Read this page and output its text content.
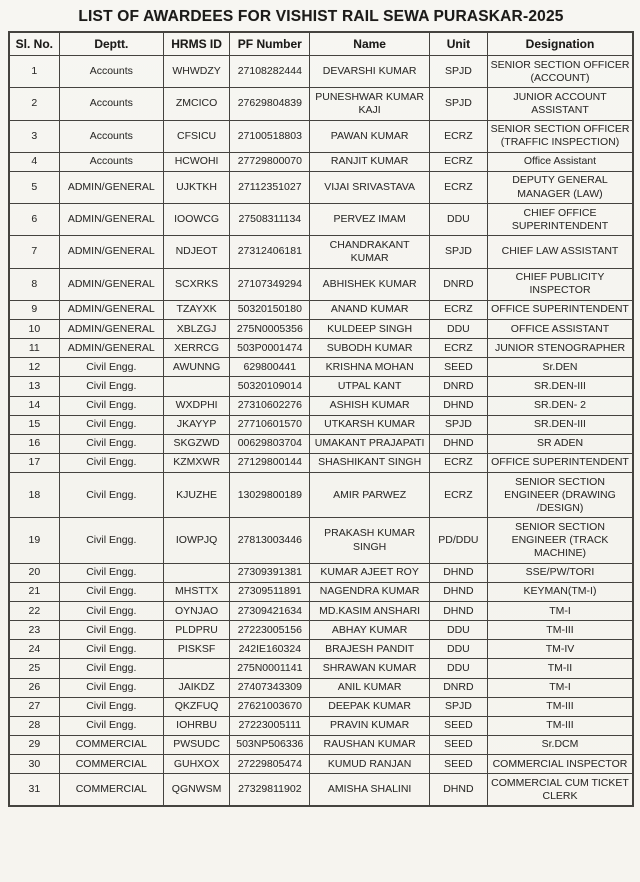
LIST OF AWARDEES FOR VISHIST RAIL SEWA PURASKAR-2025
Sl. No.	Deptt.	HRMS ID	PF Number	Name	Unit	Designation
1	Accounts	WHWDZY	27108282444	DEVARSHI KUMAR	SPJD	SENIOR SECTION OFFICER (ACCOUNT)
2	Accounts	ZMCICO	27629804839	PUNESHWAR KUMAR KAJI	SPJD	JUNIOR ACCOUNT ASSISTANT
3	Accounts	CFSICU	27100518803	PAWAN KUMAR	ECRZ	SENIOR SECTION OFFICER (TRAFFIC INSPECTION)
4	Accounts	HCWOHI	27729800070	RANJIT KUMAR	ECRZ	Office Assistant
5	ADMIN/GENERAL	UJKTKH	27112351027	VIJAI SRIVASTAVA	ECRZ	DEPUTY GENERAL MANAGER (LAW)
6	ADMIN/GENERAL	IOOWCG	27508311134	PERVEZ IMAM	DDU	CHIEF OFFICE SUPERINTENDENT
7	ADMIN/GENERAL	NDJEOT	27312406181	CHANDRAKANT KUMAR	SPJD	CHIEF LAW ASSISTANT
8	ADMIN/GENERAL	SCXRKS	27107349294	ABHISHEK KUMAR	DNRD	CHIEF PUBLICITY INSPECTOR
9	ADMIN/GENERAL	TZAYXK	50320150180	ANAND KUMAR	ECRZ	OFFICE SUPERINTENDENT
10	ADMIN/GENERAL	XBLZGJ	275N0005356	KULDEEP SINGH	DDU	OFFICE ASSISTANT
11	ADMIN/GENERAL	XERRCG	503P0001474	SUBODH KUMAR	ECRZ	JUNIOR STENOGRAPHER
12	Civil Engg.	AWUNNG	629800441	KRISHNA MOHAN	SEED	Sr.DEN
13	Civil Engg.		50320109014	UTPAL KANT	DNRD	SR.DEN-III
14	Civil Engg.	WXDPHI	27310602276	ASHISH KUMAR	DHND	SR.DEN- 2
15	Civil Engg.	JKAYYP	27710601570	UTKARSH KUMAR	SPJD	SR.DEN-III
16	Civil Engg.	SKGZWD	00629803704	UMAKANT PRAJAPATI	DHND	SR ADEN
17	Civil Engg.	KZMXWR	27129800144	SHASHIKANT SINGH	ECRZ	OFFICE SUPERINTENDENT
18	Civil Engg.	KJUZHE	13029800189	AMIR PARWEZ	ECRZ	SENIOR SECTION ENGINEER (DRAWING /DESIGN)
19	Civil Engg.	IOWPJQ	27813003446	PRAKASH KUMAR SINGH	PD/DDU	SENIOR SECTION ENGINEER (TRACK MACHINE)
20	Civil Engg.		27309391381	KUMAR AJEET ROY	DHND	SSE/PW/TORI
21	Civil Engg.	MHSTTX	27309511891	NAGENDRA KUMAR	DHND	KEYMAN(TM-I)
22	Civil Engg.	OYNJAO	27309421634	MD.KASIM ANSHARI	DHND	TM-I
23	Civil Engg.	PLDPRU	27223005156	ABHAY KUMAR	DDU	TM-III
24	Civil Engg.	PISKSF	242IE160324	BRAJESH PANDIT	DDU	TM-IV
25	Civil Engg.		275N0001141	SHRAWAN KUMAR	DDU	TM-II
26	Civil Engg.	JAIKDZ	27407343309	ANIL KUMAR	DNRD	TM-I
27	Civil Engg.	QKZFUQ	27621003670	DEEPAK KUMAR	SPJD	TM-III
28	Civil Engg.	IOHRBU	27223005111	PRAVIN KUMAR	SEED	TM-III
29	COMMERCIAL	PWSUDC	503NP506336	RAUSHAN KUMAR	SEED	Sr.DCM
30	COMMERCIAL	GUHXOX	27229805474	KUMUD RANJAN	SEED	COMMERCIAL INSPECTOR
31	COMMERCIAL	QGNWSM	27329811902	AMISHA SHALINI	DHND	COMMERCIAL CUM TICKET CLERK
